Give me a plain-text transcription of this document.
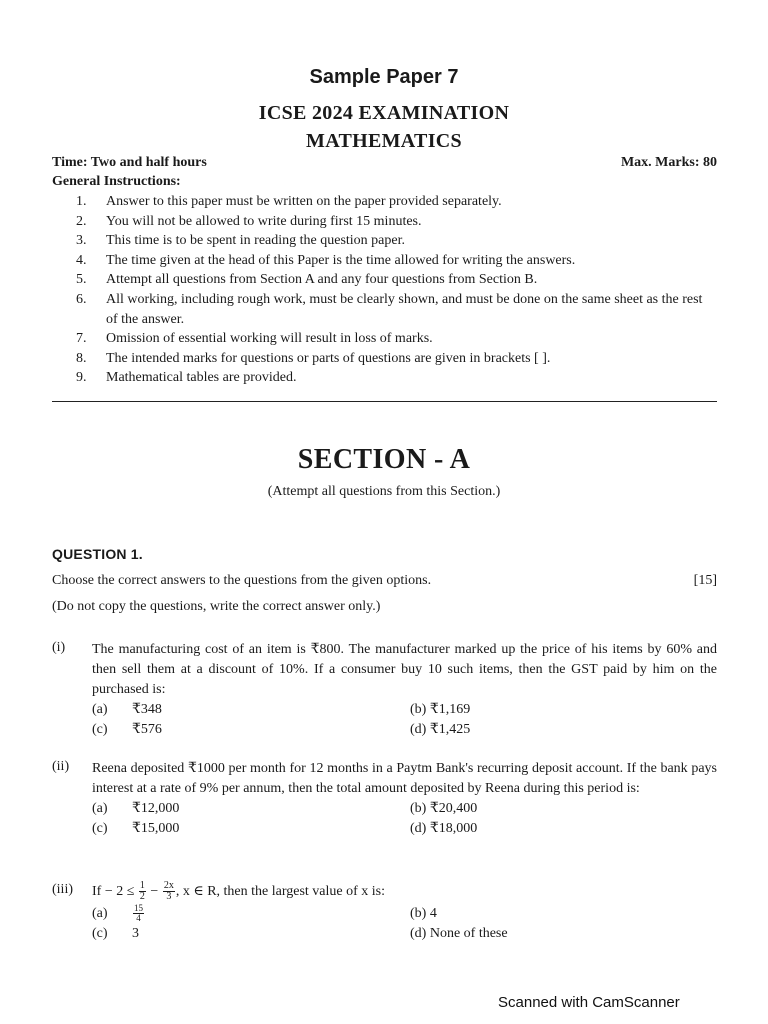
Sample Paper 7
ICSE 2024 EXAMINATION
MATHEMATICS
Time: Two and half hours	Max. Marks: 80
General Instructions:
1. Answer to this paper must be written on the paper provided separately.
2. You will not be allowed to write during first 15 minutes.
3. This time is to be spent in reading the question paper.
4. The time given at the head of this Paper is the time allowed for writing the answers.
5. Attempt all questions from Section A and any four questions from Section B.
6. All working, including rough work, must be clearly shown, and must be done on the same sheet as the rest of the answer.
7. Omission of essential working will result in loss of marks.
8. The intended marks for questions or parts of questions are given in brackets [ ].
9. Mathematical tables are provided.
SECTION - A
(Attempt all questions from this Section.)
QUESTION 1.
Choose the correct answers to the questions from the given options.	[15]
(Do not copy the questions, write the correct answer only.)
(i) The manufacturing cost of an item is ₹800. The manufacturer marked up the price of his items by 60% and then sell them at a discount of 10%. If a consumer buy 10 such items, then the GST paid by him on the purchased is:
(a) ₹348	(b) ₹1,169
(c) ₹576	(d) ₹1,425
(ii) Reena deposited ₹1000 per month for 12 months in a Paytm Bank's recurring deposit account. If the bank pays interest at a rate of 9% per annum, then the total amount deposited by Reena during this period is:
(a) ₹12,000	(b) ₹20,400
(c) ₹15,000	(d) ₹18,000
(iii) $If - 2 \le \frac{1}{2} - \frac{2x}{3}$ , x ∈ R, then the largest value of x is:
(a)	$\frac{15}{4}$	(b) 4
(c) 3	(d) None of these
Scanned with CamScanner
